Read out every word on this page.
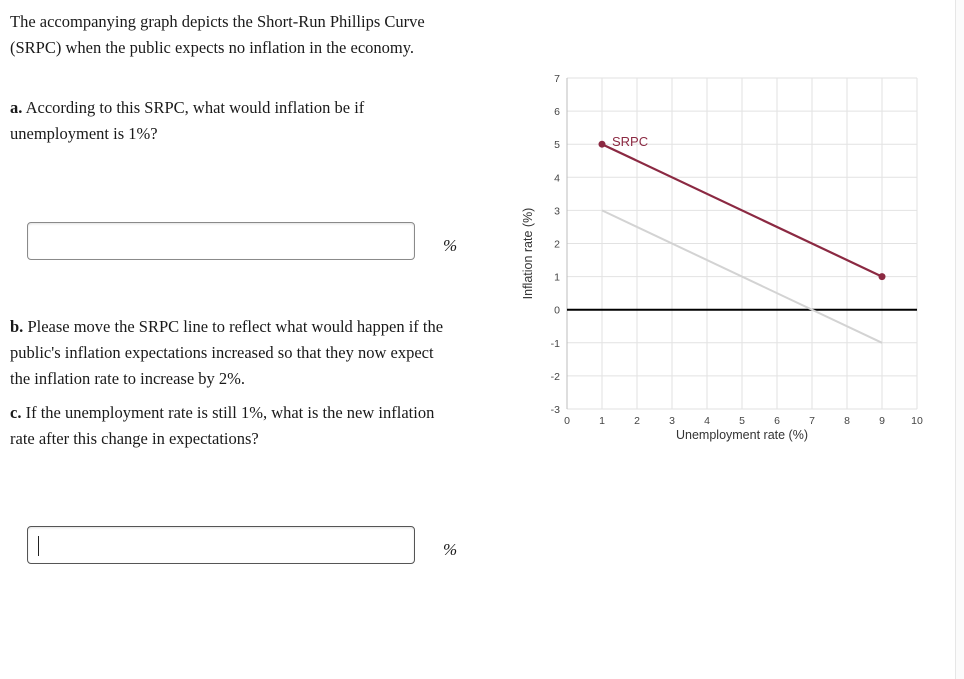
The accompanying graph depicts the Short-Run Phillips Curve (SRPC) when the public expects no inflation in the economy.
a. According to this SRPC, what would inflation be if unemployment is 1%?
%
b. Please move the SRPC line to reflect what would happen if the public's inflation expectations increased so that they now expect the inflation rate to increase by 2%.
c. If the unemployment rate is still 1%, what is the new inflation rate after this change in expectations?
%
-3
-2
-1
0
1
2
3
4
5
6
7
0	1	2	3	4	5	6	7	8	9 10
Unemployment rate (%)
Inflation rate (%)
SRPC
